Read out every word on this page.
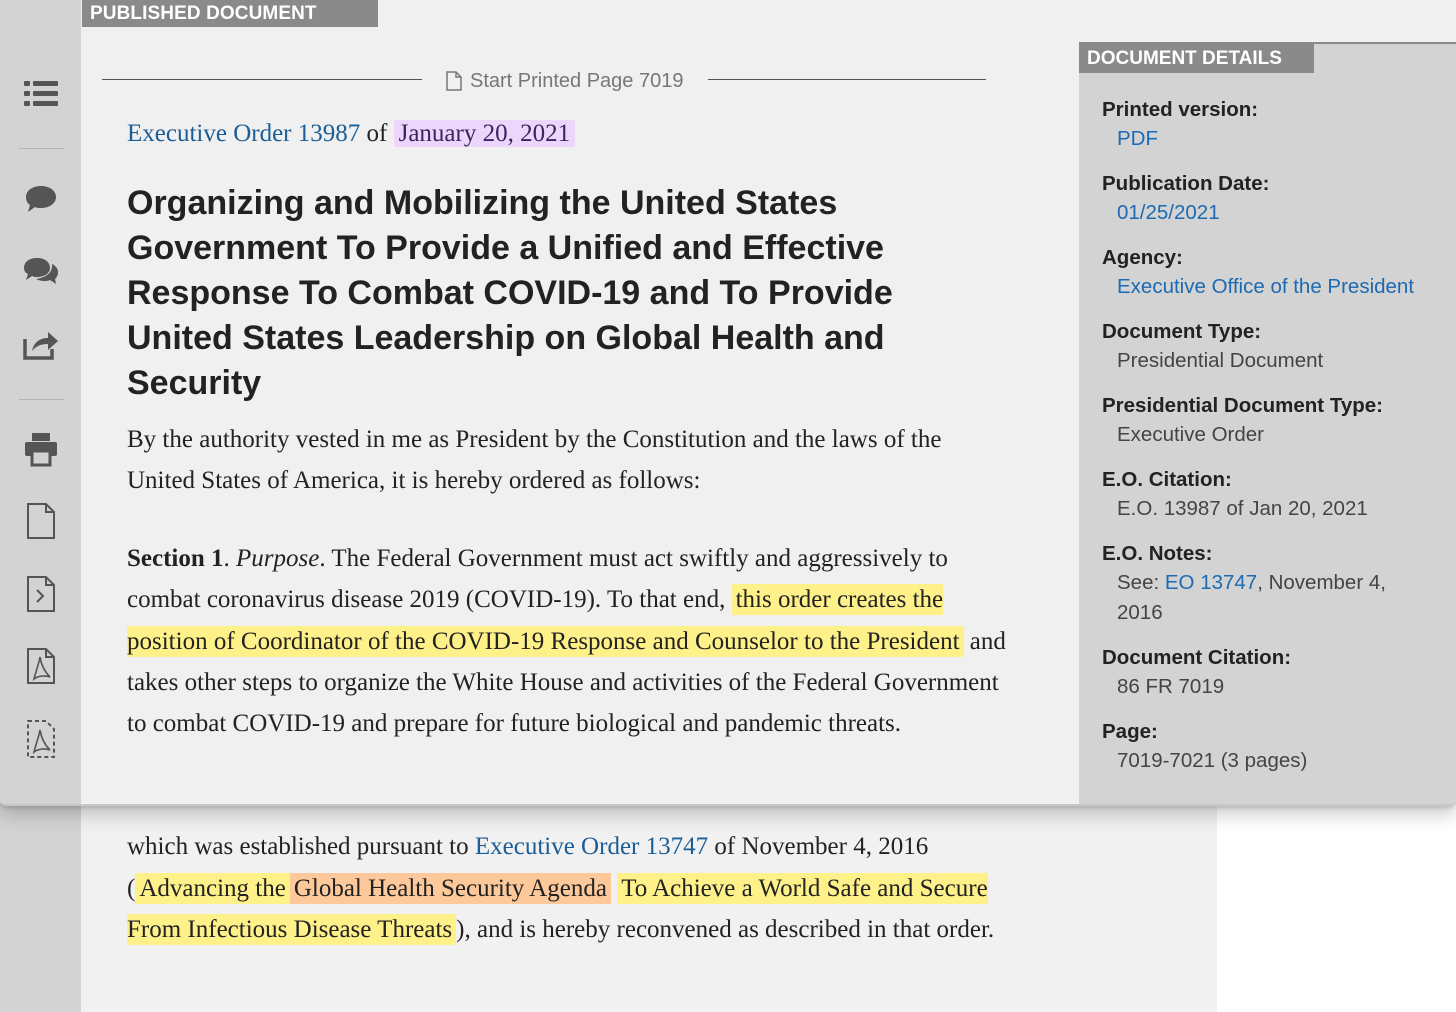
which was established pursuant to Executive Order 13747 of November 4, 2016 ( Advancing the Global Health Security Agenda To Achieve a World Safe and Secure From Infectious Disease Threats ), and is hereby reconvened as described in that order.
PUBLISHED DOCUMENT
Start Printed Page 7019
Executive Order 13987 of January 20, 2021
Organizing and Mobilizing the United States Government To Provide a Unified and Effective Response To Combat COVID-19 and To Provide United States Leadership on Global Health and Security
By the authority vested in me as President by the Constitution and the laws of the United States of America, it is hereby ordered as follows:
Section 1. Purpose. The Federal Government must act swiftly and aggressively to combat coronavirus disease 2019 (COVID-19). To that end, this order creates the position of Coordinator of the COVID-19 Response and Counselor to the President and takes other steps to organize the White House and activities of the Federal Government to combat COVID-19 and prepare for future biological and pandemic threats.
DOCUMENT DETAILS
Printed version:
PDF
Publication Date:
01/25/2021
Agency:
Executive Office of the President
Document Type:
Presidential Document
Presidential Document Type:
Executive Order
E.O. Citation:
E.O. 13987 of Jan 20, 2021
E.O. Notes:
See: EO 13747, November 4, 2016
Document Citation:
86 FR 7019
Page:
7019-7021 (3 pages)
